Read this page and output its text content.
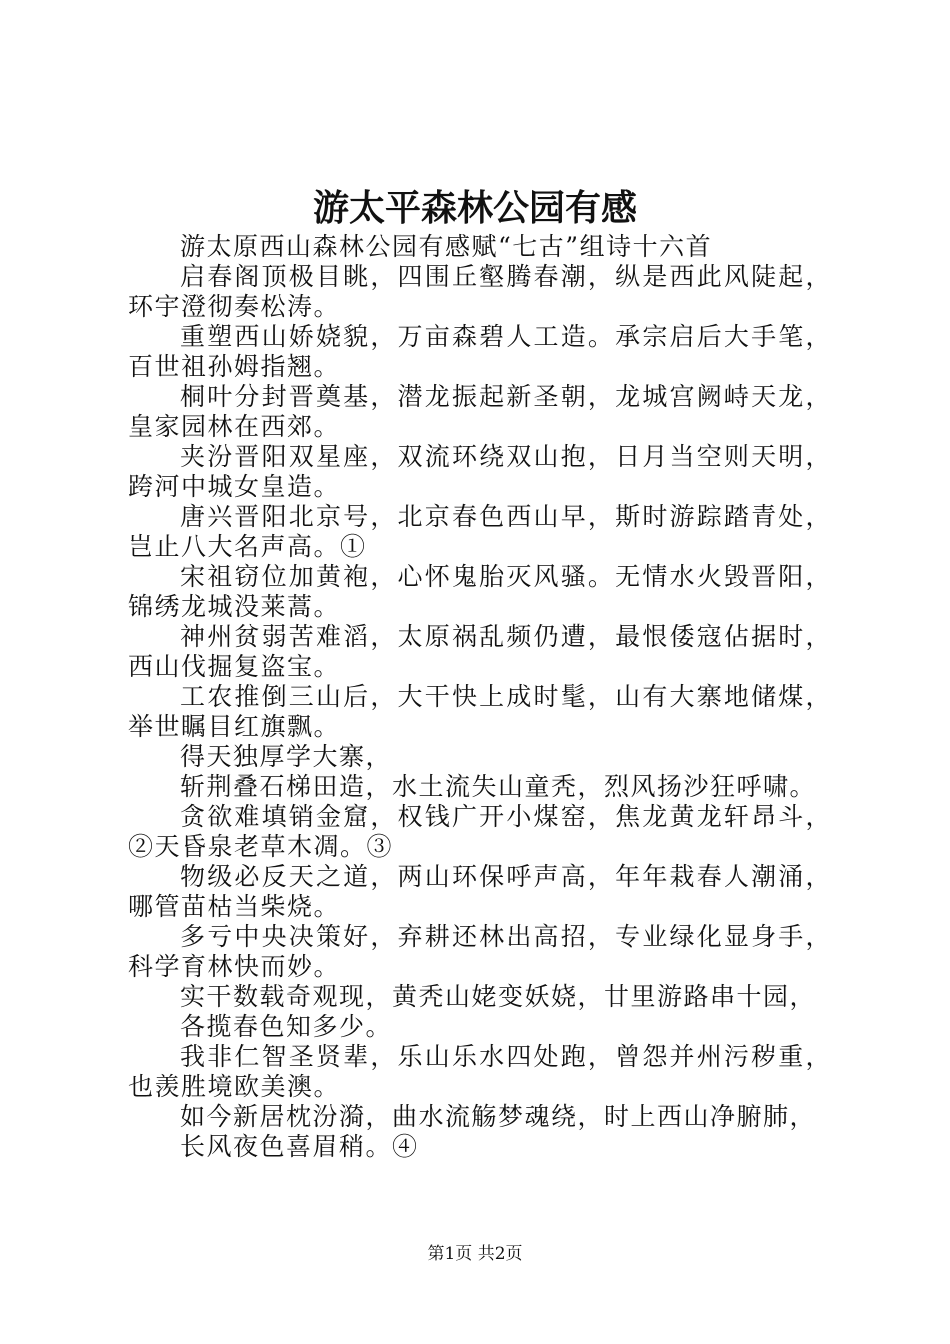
游太平森林公园有感

游太原西山森林公园有感赋“七古”组诗十六首

启春阁顶极目眺，四围丘壑腾春潮，纵是西此风陡起，环宇澄彻奏松涛。

重塑西山娇娆貌，万亩森碧人工造。承宗启后大手笔，百世祖孙姆指翘。

桐叶分封晋奠基，潜龙振起新圣朝，龙城宫阙峙天龙，皇家园林在西郊。

夹汾晋阳双星座，双流环绕双山抱，日月当空则天明，跨河中城女皇造。

唐兴晋阳北京号，北京春色西山早，斯时游踪踏青处，岂止八大名声高。①

宋祖窃位加黄袍，心怀鬼胎灭风骚。无情水火毁晋阳，锦绣龙城没莱蒿。

神州贫弱苦难滔，太原祸乱频仍遭，最恨倭寇佔据时，西山伐掘复盗宝。

工农推倒三山后，大干快上成时髦，山有大寨地储煤，举世瞩目红旗飘。

得天独厚学大寨，

斩荆叠石梯田造，水土流失山童秃，烈风扬沙狂呼啸。

贪欲难填销金窟，权钱广开小煤窑，焦龙黄龙轩昂斗，②天昏泉老草木凋。③

物级必反天之道，两山环保呼声高，年年栽春人潮涌，哪管苗枯当柴烧。

多亏中央决策好，弃耕还林出高招，专业绿化显身手，科学育林快而妙。

实干数载奇观现，黄秃山姥变妖娆，廿里游路串十园，

各揽春色知多少。

我非仁智圣贤辈，乐山乐水四处跑，曾怨并州污秽重，也羡胜境欧美澳。

如今新居枕汾漪，曲水流觞梦魂绕，时上西山净腑肺，

长风夜色喜眉稍。④

第1页 共2页
